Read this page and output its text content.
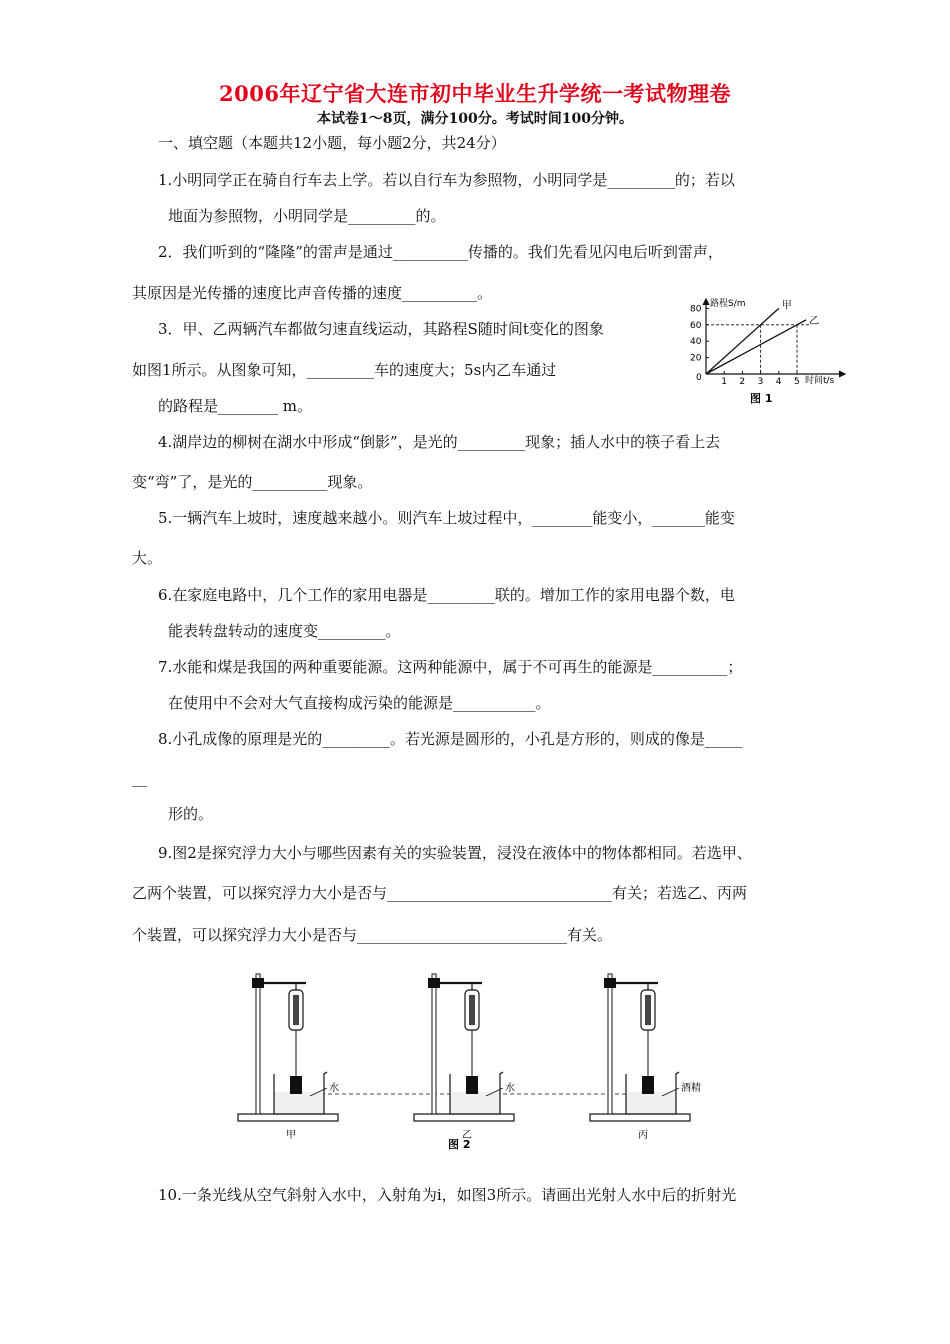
2006年辽宁省大连市初中毕业生升学统一考试物理卷
本试卷1～8页，满分100分。考试时间100分钟。
一、填空题（本题共12小题，每小题2分，共24分）
1.小明同学正在骑自行车去上学。若以自行车为参照物，小明同学是_________的；若以
地面为参照物，小明同学是_________的。
2．我们听到的“隆隆”的雷声是通过__________传播的。我们先看见闪电后听到雷声，
其原因是光传播的速度比声音传播的速度__________。
3．甲、乙两辆汽车都做匀速直线运动，其路程S随时间t变化的图象
如图1所示。从图象可知，_________车的速度大；5s内乙车通过
的路程是________ m。
4.湖岸边的柳树在湖水中形成“倒影”，是光的_________现象；插人水中的筷子看上去
变“弯”了，是光的__________现象。
5.一辆汽车上坡时，速度越来越小。则汽车上坡过程中，________能变小，_______能变
大。
6.在家庭电路中，几个工作的家用电器是_________联的。增加工作的家用电器个数，电
能表转盘转动的速度变_________。
7.水能和煤是我国的两种重要能源。这两种能源中，属于不可再生的能源是__________；
在使用中不会对大气直接构成污染的能源是___________。
8.小孔成像的原理是光的_________。若光源是圆形的，小孔是方形的，则成的像是_____
__
形的。
9.图2是探究浮力大小与哪些因素有关的实验装置，浸没在液体中的物体都相同。若选甲、
乙两个装置，可以探究浮力大小是否与______________________________有关；若选乙、丙两
个装置，可以探究浮力大小是否与____________________________有关。
10.一条光线从空气斜射入水中，入射角为i，如图3所示。请画出光射人水中后的折射光
路程S/m
时间t/s
0 1 2 3 4 5
20
40
60
80	甲
乙
图 1
水
甲
水
乙
酒精
丙
图 2
